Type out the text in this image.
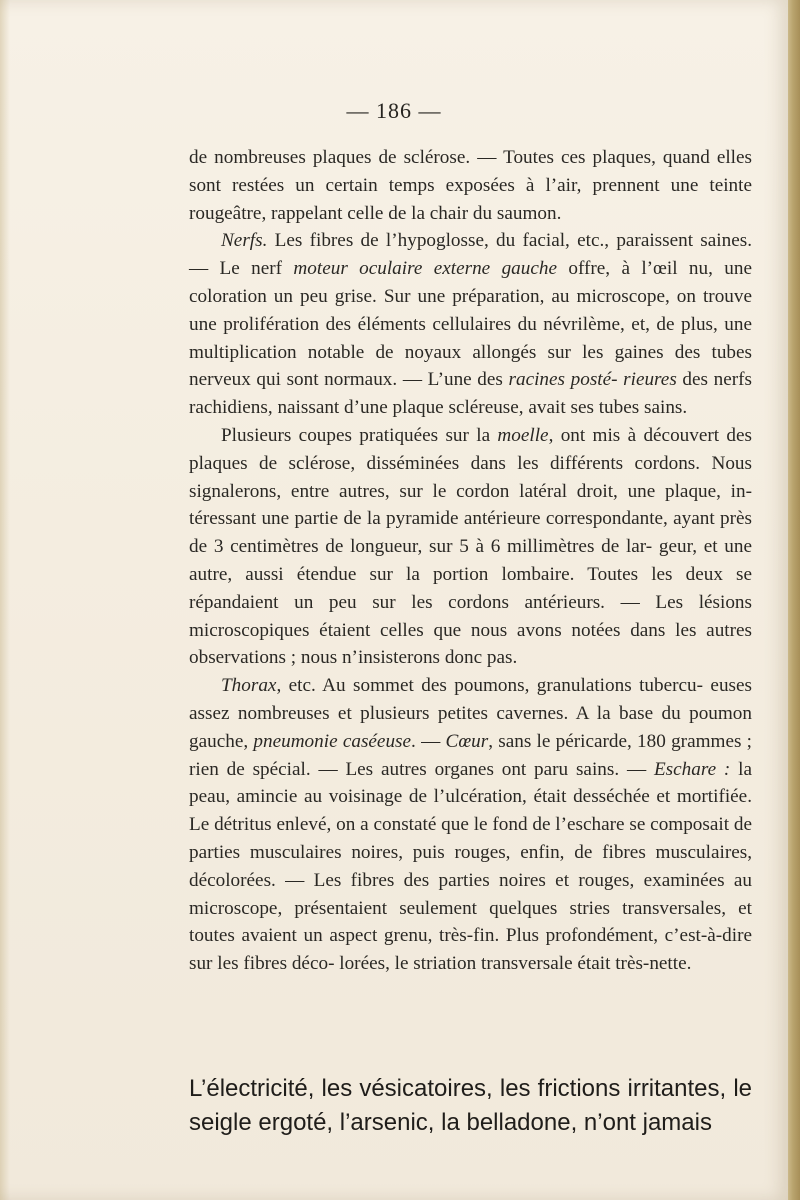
— 186 —

de nombreuses plaques de sclérose. — Toutes ces plaques, quand elles sont restées un certain temps exposées à l’air, prennent une teinte rougeâtre, rappelant celle de la chair du saumon.

Nerfs. Les fibres de l’hypoglosse, du facial, etc., paraissent saines. — Le nerf moteur oculaire externe gauche offre, à l’œil nu, une coloration un peu grise. Sur une préparation, au microscope, on trouve une prolifération des éléments cellulaires du névrilème, et, de plus, une multiplication notable de noyaux allongés sur les gaines des tubes nerveux qui sont normaux. — L’une des racines posté- rieures des nerfs rachidiens, naissant d’une plaque scléreuse, avait ses tubes sains.

Plusieurs coupes pratiquées sur la moelle, ont mis à découvert des plaques de sclérose, disséminées dans les différents cordons. Nous signalerons, entre autres, sur le cordon latéral droit, une plaque, in- téressant une partie de la pyramide antérieure correspondante, ayant près de 3 centimètres de longueur, sur 5 à 6 millimètres de lar- geur, et une autre, aussi étendue sur la portion lombaire. Toutes les deux se répandaient un peu sur les cordons antérieurs. — Les lésions microscopiques étaient celles que nous avons notées dans les autres observations ; nous n’insisterons donc pas.

Thorax, etc. Au sommet des poumons, granulations tubercu- euses assez nombreuses et plusieurs petites cavernes. A la base du poumon gauche, pneumonie caséeuse. — Cœur, sans le péricarde, 180 grammes ; rien de spécial. — Les autres organes ont paru sains. — Eschare : la peau, amincie au voisinage de l’ulcération, était desséchée et mortifiée. Le détritus enlevé, on a constaté que le fond de l’eschare se composait de parties musculaires noires, puis rouges, enfin, de fibres musculaires, décolorées. — Les fibres des parties noires et rouges, examinées au microscope, présentaient seulement quelques stries transversales, et toutes avaient un aspect grenu, très-fin. Plus profondément, c’est-à-dire sur les fibres déco- lorées, le striation transversale était très-nette.

L’électricité, les vésicatoires, les frictions irritantes, le seigle ergoté, l’arsenic, la belladone, n’ont jamais
